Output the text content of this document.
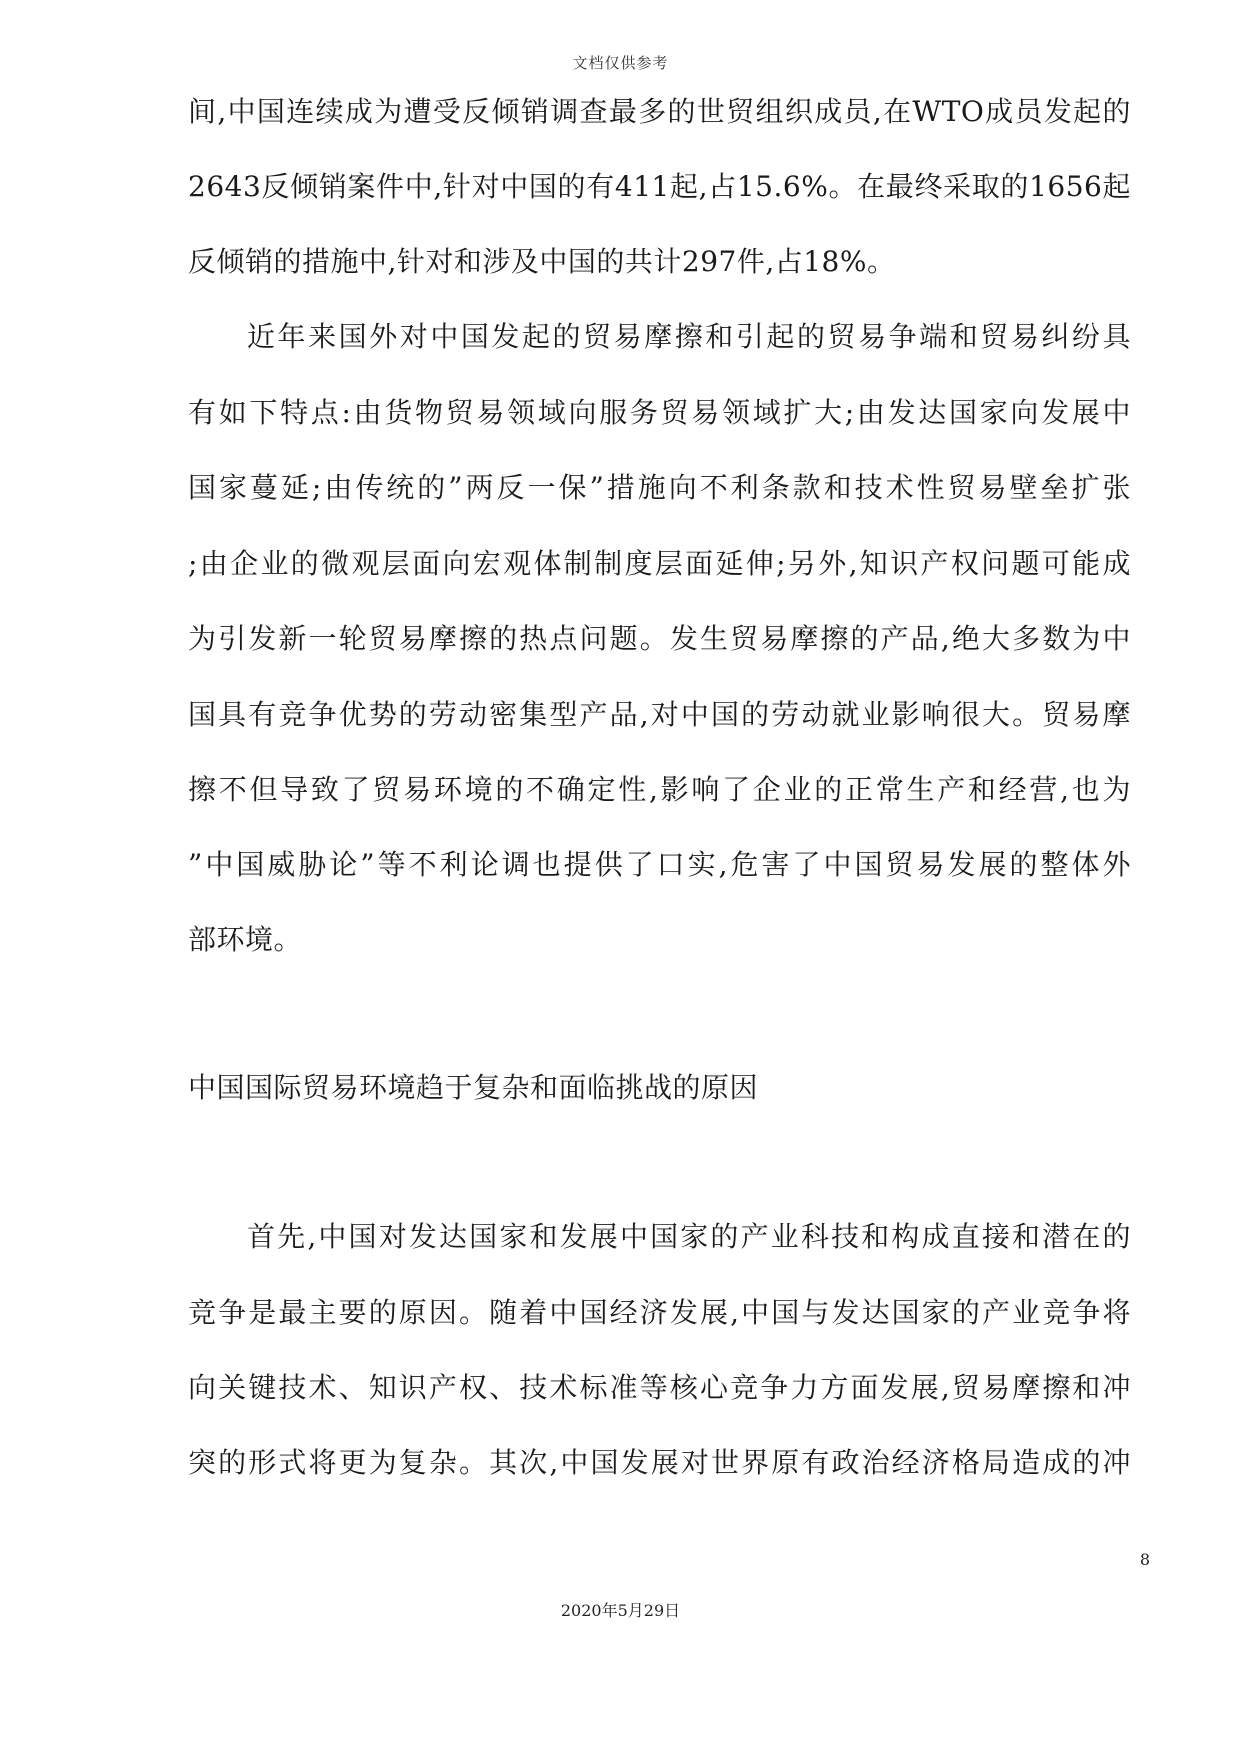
文档仅供参考
间,中国连续成为遭受反倾销调查最多的世贸组织成员,在WTO成员发起的
2643反倾销案件中,针对中国的有411起,占15.6%。在最终采取的1656起
反倾销的措施中,针对和涉及中国的共计297件,占18%。
近年来国外对中国发起的贸易摩擦和引起的贸易争端和贸易纠纷具
有如下特点:由货物贸易领域向服务贸易领域扩大;由发达国家向发展中
国家蔓延;由传统的”两反一保”措施向不利条款和技术性贸易壁垒扩张
;由企业的微观层面向宏观体制制度层面延伸;另外,知识产权问题可能成
为引发新一轮贸易摩擦的热点问题。发生贸易摩擦的产品,绝大多数为中
国具有竞争优势的劳动密集型产品,对中国的劳动就业影响很大。贸易摩
擦不但导致了贸易环境的不确定性,影响了企业的正常生产和经营,也为
”中国威胁论”等不利论调也提供了口实,危害了中国贸易发展的整体外
部环境。
中国国际贸易环境趋于复杂和面临挑战的原因
首先,中国对发达国家和发展中国家的产业科技和构成直接和潜在的
竞争是最主要的原因。随着中国经济发展,中国与发达国家的产业竞争将
向关键技术、知识产权、技术标准等核心竞争力方面发展,贸易摩擦和冲
突的形式将更为复杂。其次,中国发展对世界原有政治经济格局造成的冲
8
2020年5月29日
